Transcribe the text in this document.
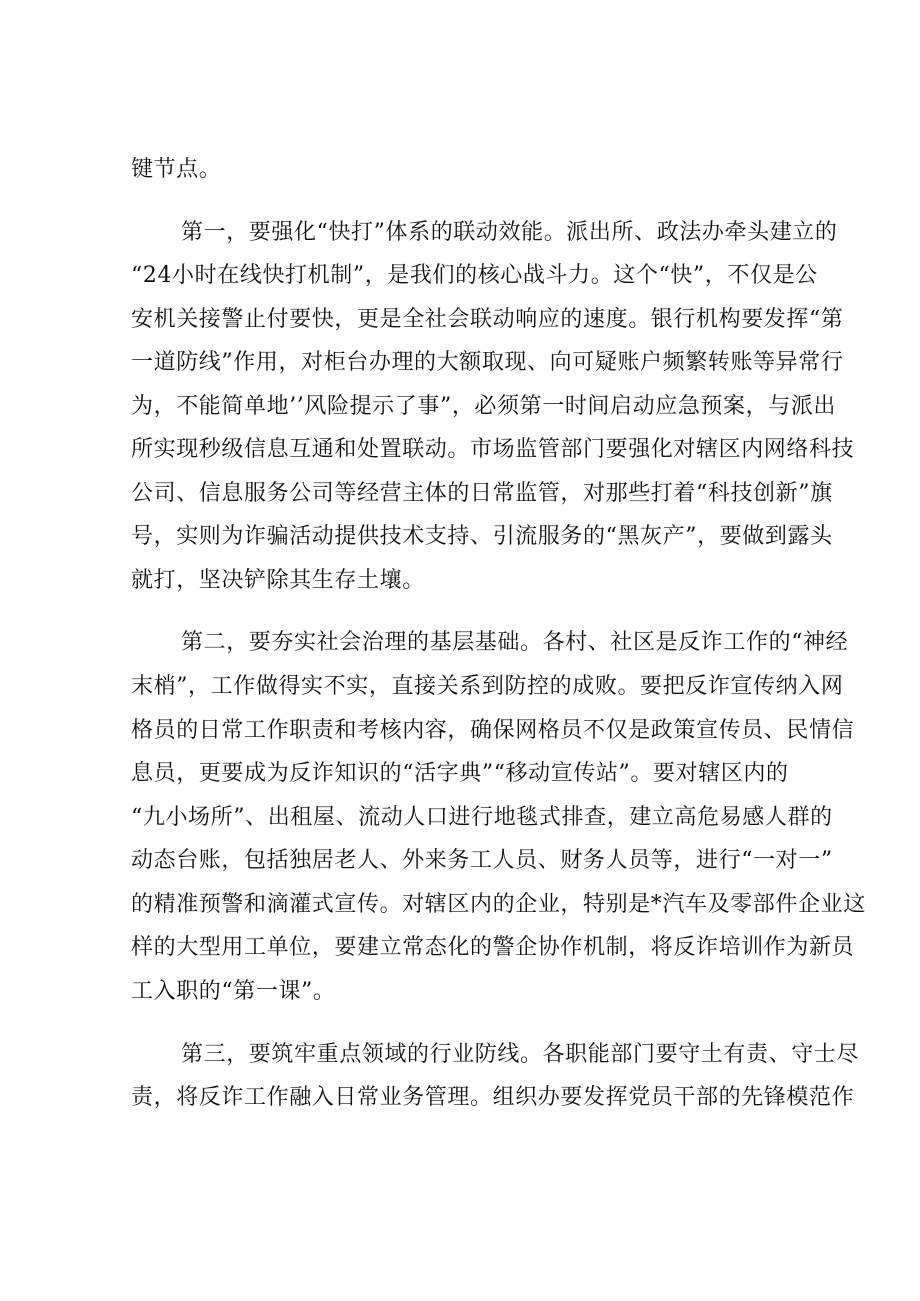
键节点。
第一，要强化“快打”体系的联动效能。派出所、政法办牵头建立的
“24小时在线快打机制”，是我们的核心战斗力。这个“快”，不仅是公
安机关接警止付要快，更是全社会联动响应的速度。银行机构要发挥“第
一道防线”作用，对柜台办理的大额取现、向可疑账户频繁转账等异常行
为，不能简单地’’风险提示了事”，必须第一时间启动应急预案，与派出
所实现秒级信息互通和处置联动。市场监管部门要强化对辖区内网络科技
公司、信息服务公司等经营主体的日常监管，对那些打着“科技创新”旗
号，实则为诈骗活动提供技术支持、引流服务的“黑灰产”，要做到露头
就打，坚决铲除其生存土壤。
第二，要夯实社会治理的基层基础。各村、社区是反诈工作的“神经
末梢”，工作做得实不实，直接关系到防控的成败。要把反诈宣传纳入网
格员的日常工作职责和考核内容，确保网格员不仅是政策宣传员、民情信
息员，更要成为反诈知识的“活字典”“移动宣传站”。要对辖区内的
“九小场所”、出租屋、流动人口进行地毯式排查，建立高危易感人群的
动态台账，包括独居老人、外来务工人员、财务人员等，进行“一对一”
的精准预警和滴灌式宣传。对辖区内的企业，特别是*汽车及零部件企业这
样的大型用工单位，要建立常态化的警企协作机制，将反诈培训作为新员
工入职的“第一课”。
第三，要筑牢重点领域的行业防线。各职能部门要守土有责、守士尽
责，将反诈工作融入日常业务管理。组织办要发挥党员干部的先锋模范作
